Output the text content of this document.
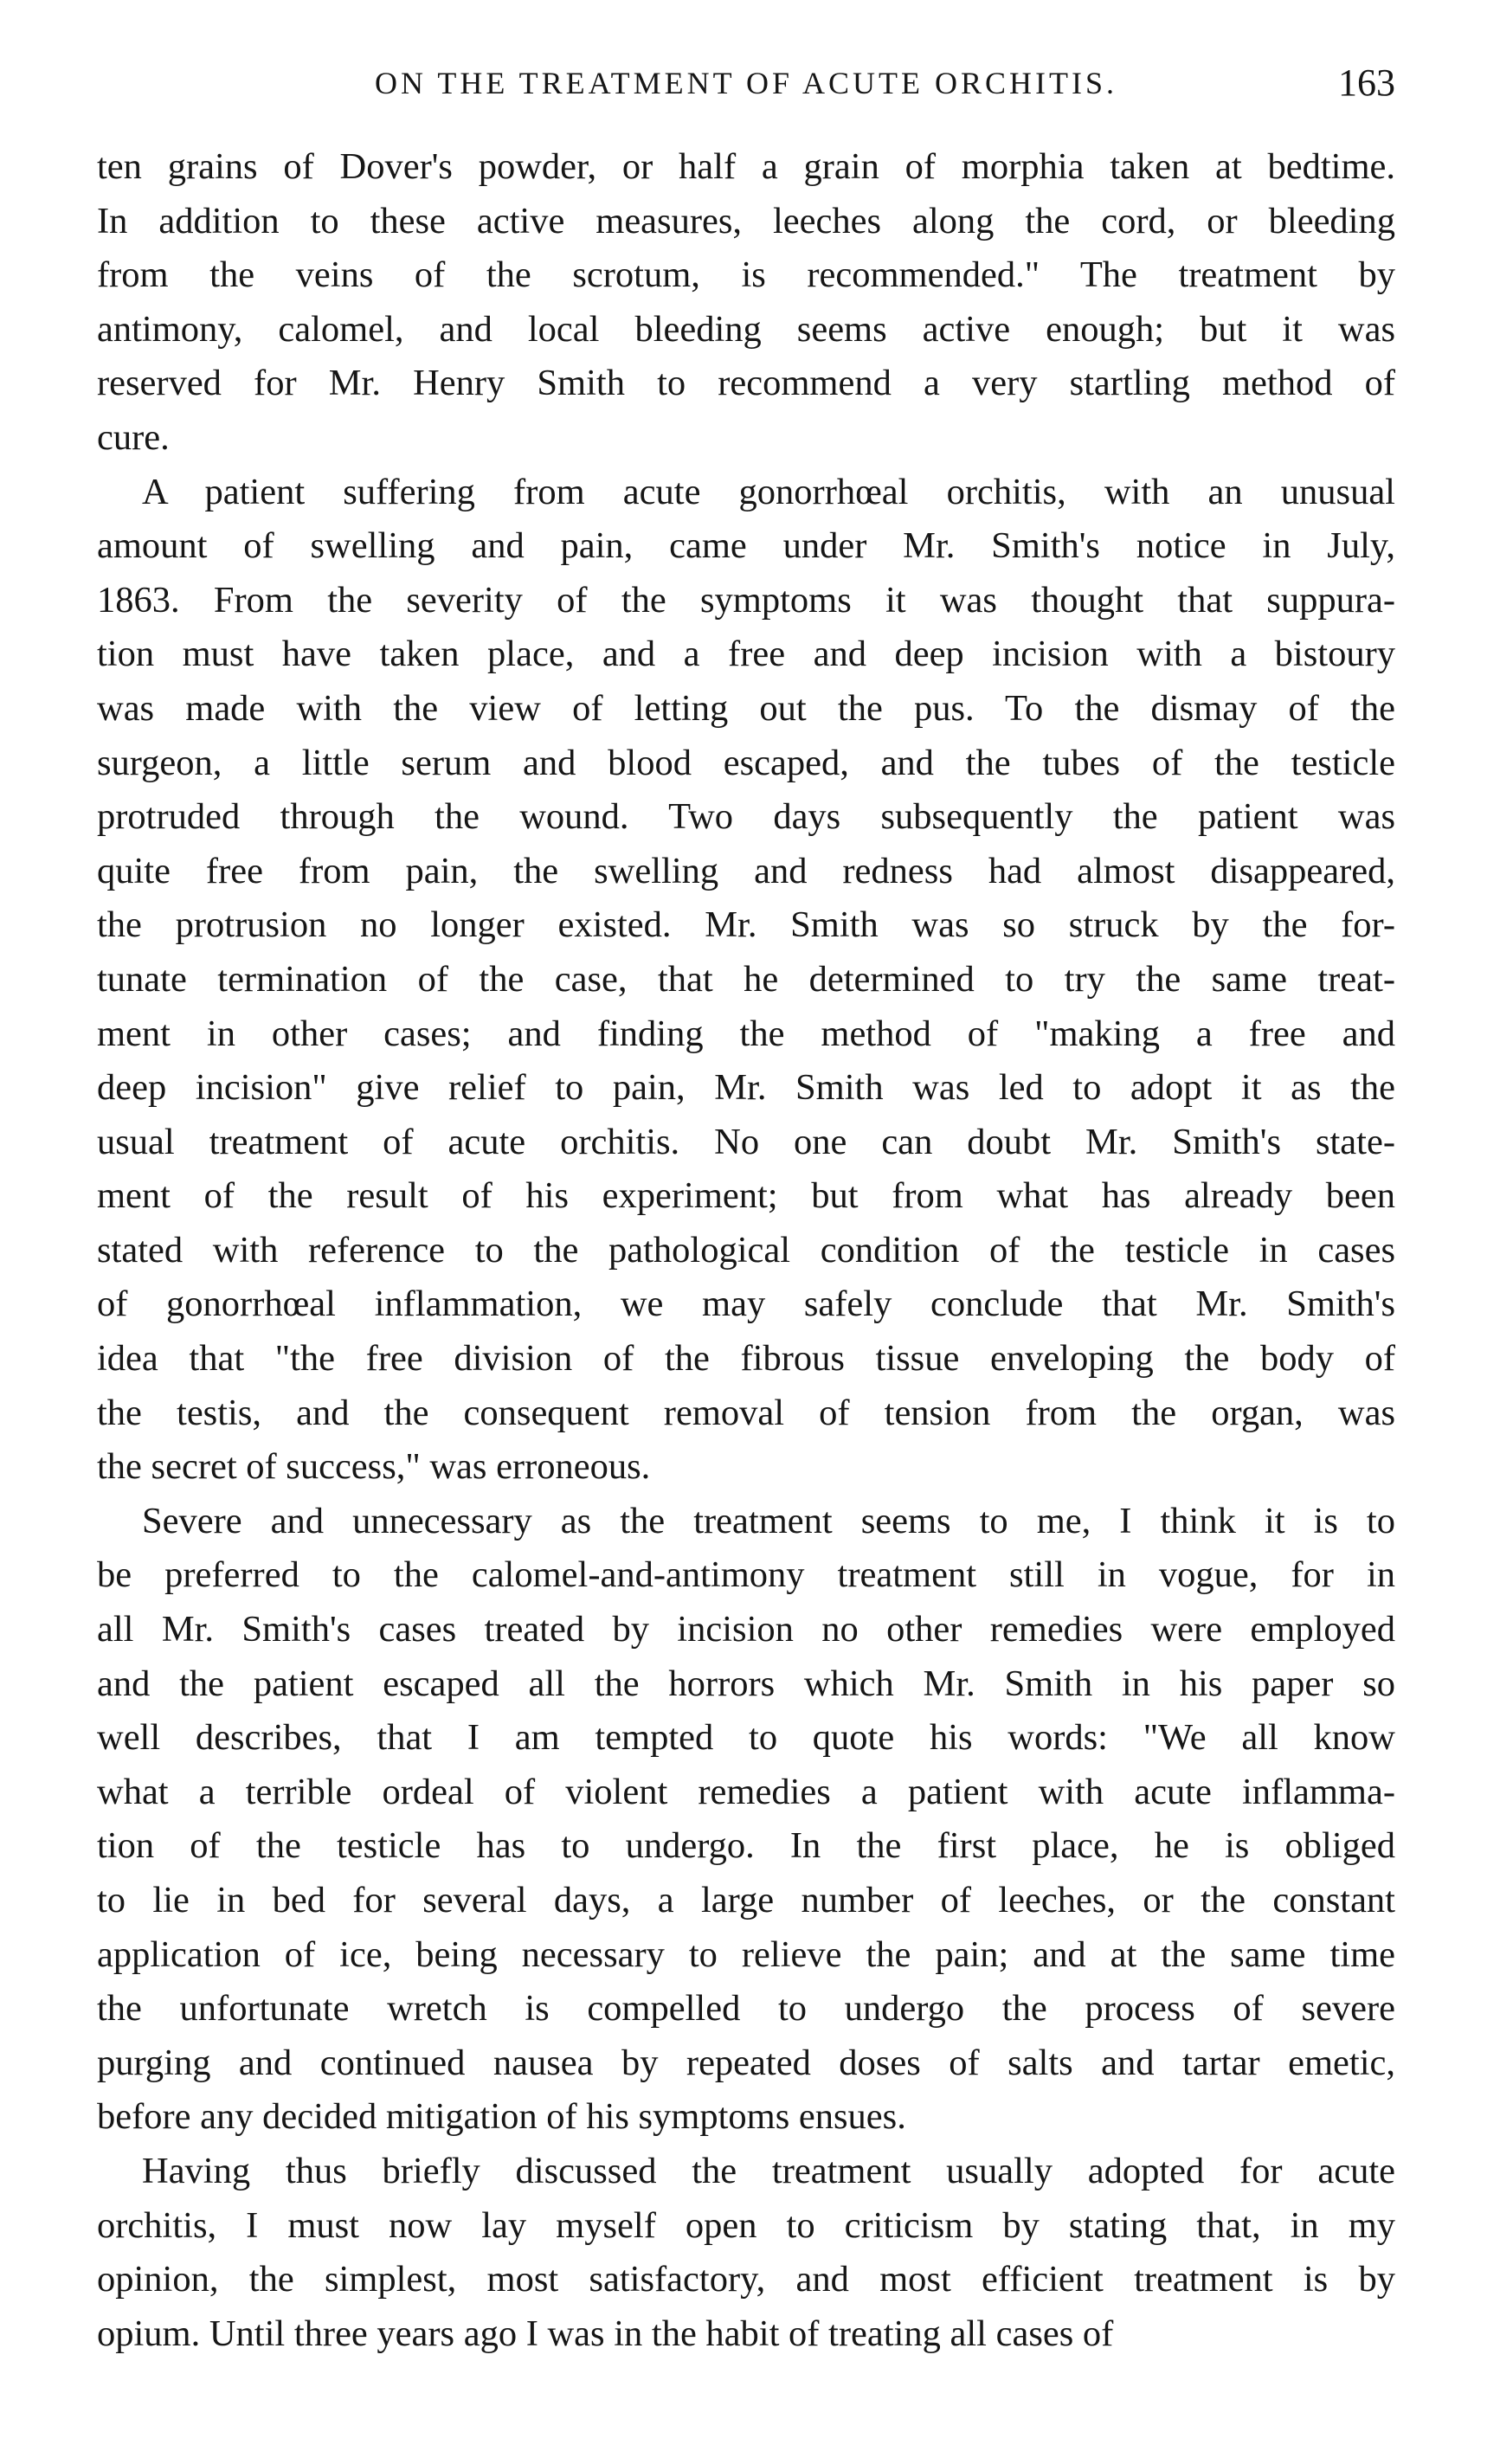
ON THE TREATMENT OF ACUTE ORCHITIS.	163

ten grains of Dover's powder, or half a grain of morphia taken at bedtime.
In addition to these active measures, leeches along the cord, or bleeding
from the veins of the scrotum, is recommended." The treatment by
antimony, calomel, and local bleeding seems active enough; but it was
reserved for Mr. Henry Smith to recommend a very startling method of
cure.

A patient suffering from acute gonorrhœal orchitis, with an unusual
amount of swelling and pain, came under Mr. Smith's notice in July,
1863. From the severity of the symptoms it was thought that suppura-
tion must have taken place, and a free and deep incision with a bistoury
was made with the view of letting out the pus. To the dismay of the
surgeon, a little serum and blood escaped, and the tubes of the testicle
protruded through the wound. Two days subsequently the patient was
quite free from pain, the swelling and redness had almost disappeared,
the protrusion no longer existed. Mr. Smith was so struck by the for-
tunate termination of the case, that he determined to try the same treat-
ment in other cases; and finding the method of "making a free and
deep incision" give relief to pain, Mr. Smith was led to adopt it as the
usual treatment of acute orchitis. No one can doubt Mr. Smith's state-
ment of the result of his experiment; but from what has already been
stated with reference to the pathological condition of the testicle in cases
of gonorrhœal inflammation, we may safely conclude that Mr. Smith's
idea that "the free division of the fibrous tissue enveloping the body of
the testis, and the consequent removal of tension from the organ, was
the secret of success," was erroneous.

Severe and unnecessary as the treatment seems to me, I think it is to
be preferred to the calomel-and-antimony treatment still in vogue, for in
all Mr. Smith's cases treated by incision no other remedies were employed
and the patient escaped all the horrors which Mr. Smith in his paper so
well describes, that I am tempted to quote his words: "We all know
what a terrible ordeal of violent remedies a patient with acute inflamma-
tion of the testicle has to undergo. In the first place, he is obliged
to lie in bed for several days, a large number of leeches, or the constant
application of ice, being necessary to relieve the pain; and at the same time
the unfortunate wretch is compelled to undergo the process of severe
purging and continued nausea by repeated doses of salts and tartar emetic,
before any decided mitigation of his symptoms ensues.

Having thus briefly discussed the treatment usually adopted for acute
orchitis, I must now lay myself open to criticism by stating that, in my
opinion, the simplest, most satisfactory, and most efficient treatment is by
opium. Until three years ago I was in the habit of treating all cases of
